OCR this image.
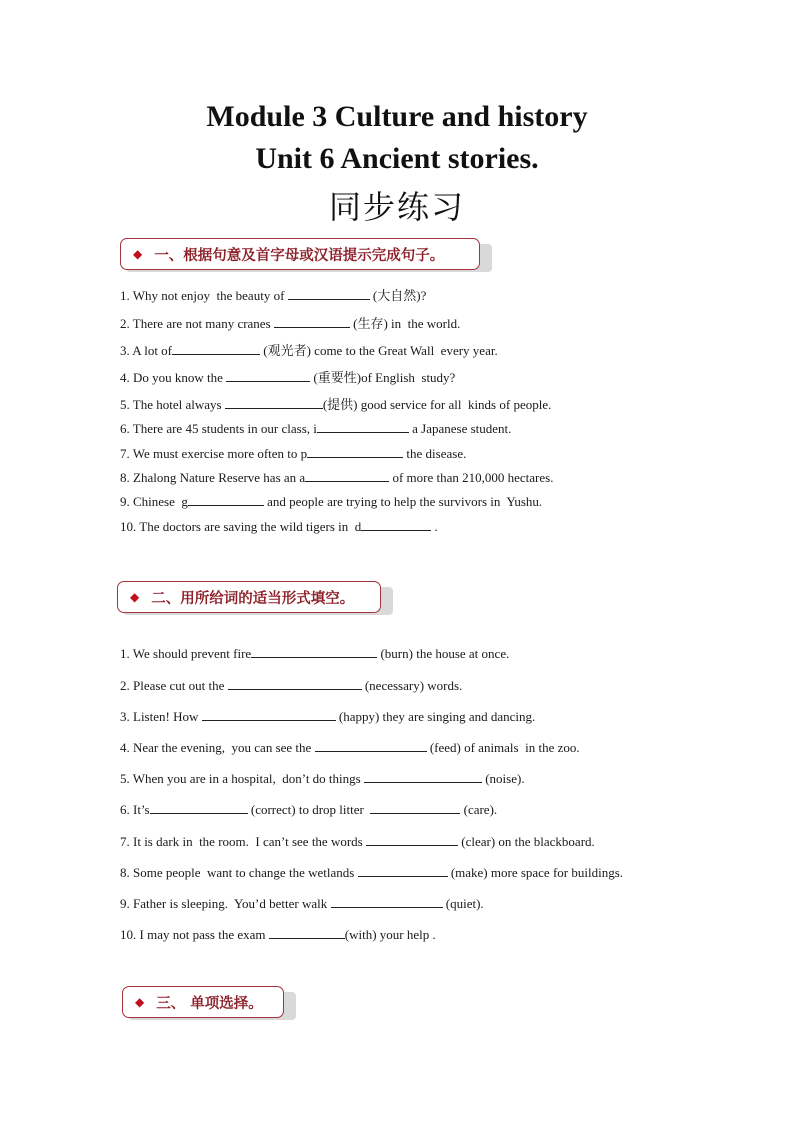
Module 3 Culture and history
Unit 6 Ancient stories.
同步练习
◆ 一、根据句意及首字母或汉语提示完成句子。
1. Why not enjoy  the beauty of	(大自然)?
2. There are not many cranes	(生存) in  the world.
3. A lot of	(观光者) come to the Great Wall  every year.
4. Do you know the	(重要性)of English  study?
5. The hotel always	(提供) good service for all  kinds of people.
6. There are 45 students in our class, i	a Japanese student.
7. We must exercise more often to p	the disease.
8. Zhalong Nature Reserve has an a	of more than 210,000 hectares.
9. Chinese  g	and people are trying to help the survivors in  Yushu.
10. The doctors are saving the wild tigers in  d	.
◆ 二、用所给词的适当形式填空。
1. We should prevent fire	(burn) the house at once.
2. Please cut out the	(necessary) words.
3. Listen! How	(happy) they are singing and dancing.
4. Near the evening,  you can see the	(feed) of animals  in the zoo.
5. When you are in a hospital,  don’t do things	(noise).
6. It’s	(correct) to drop litter	(care).
7. It is dark in  the room.  I can’t see the words	(clear) on the blackboard.
8. Some people  want to change the wetlands	(make) more space for buildings.
9. Father is sleeping.  You’d better walk	(quiet).
10. I may not pass the exam	(with) your help .
◆ 三、 单项选择。
